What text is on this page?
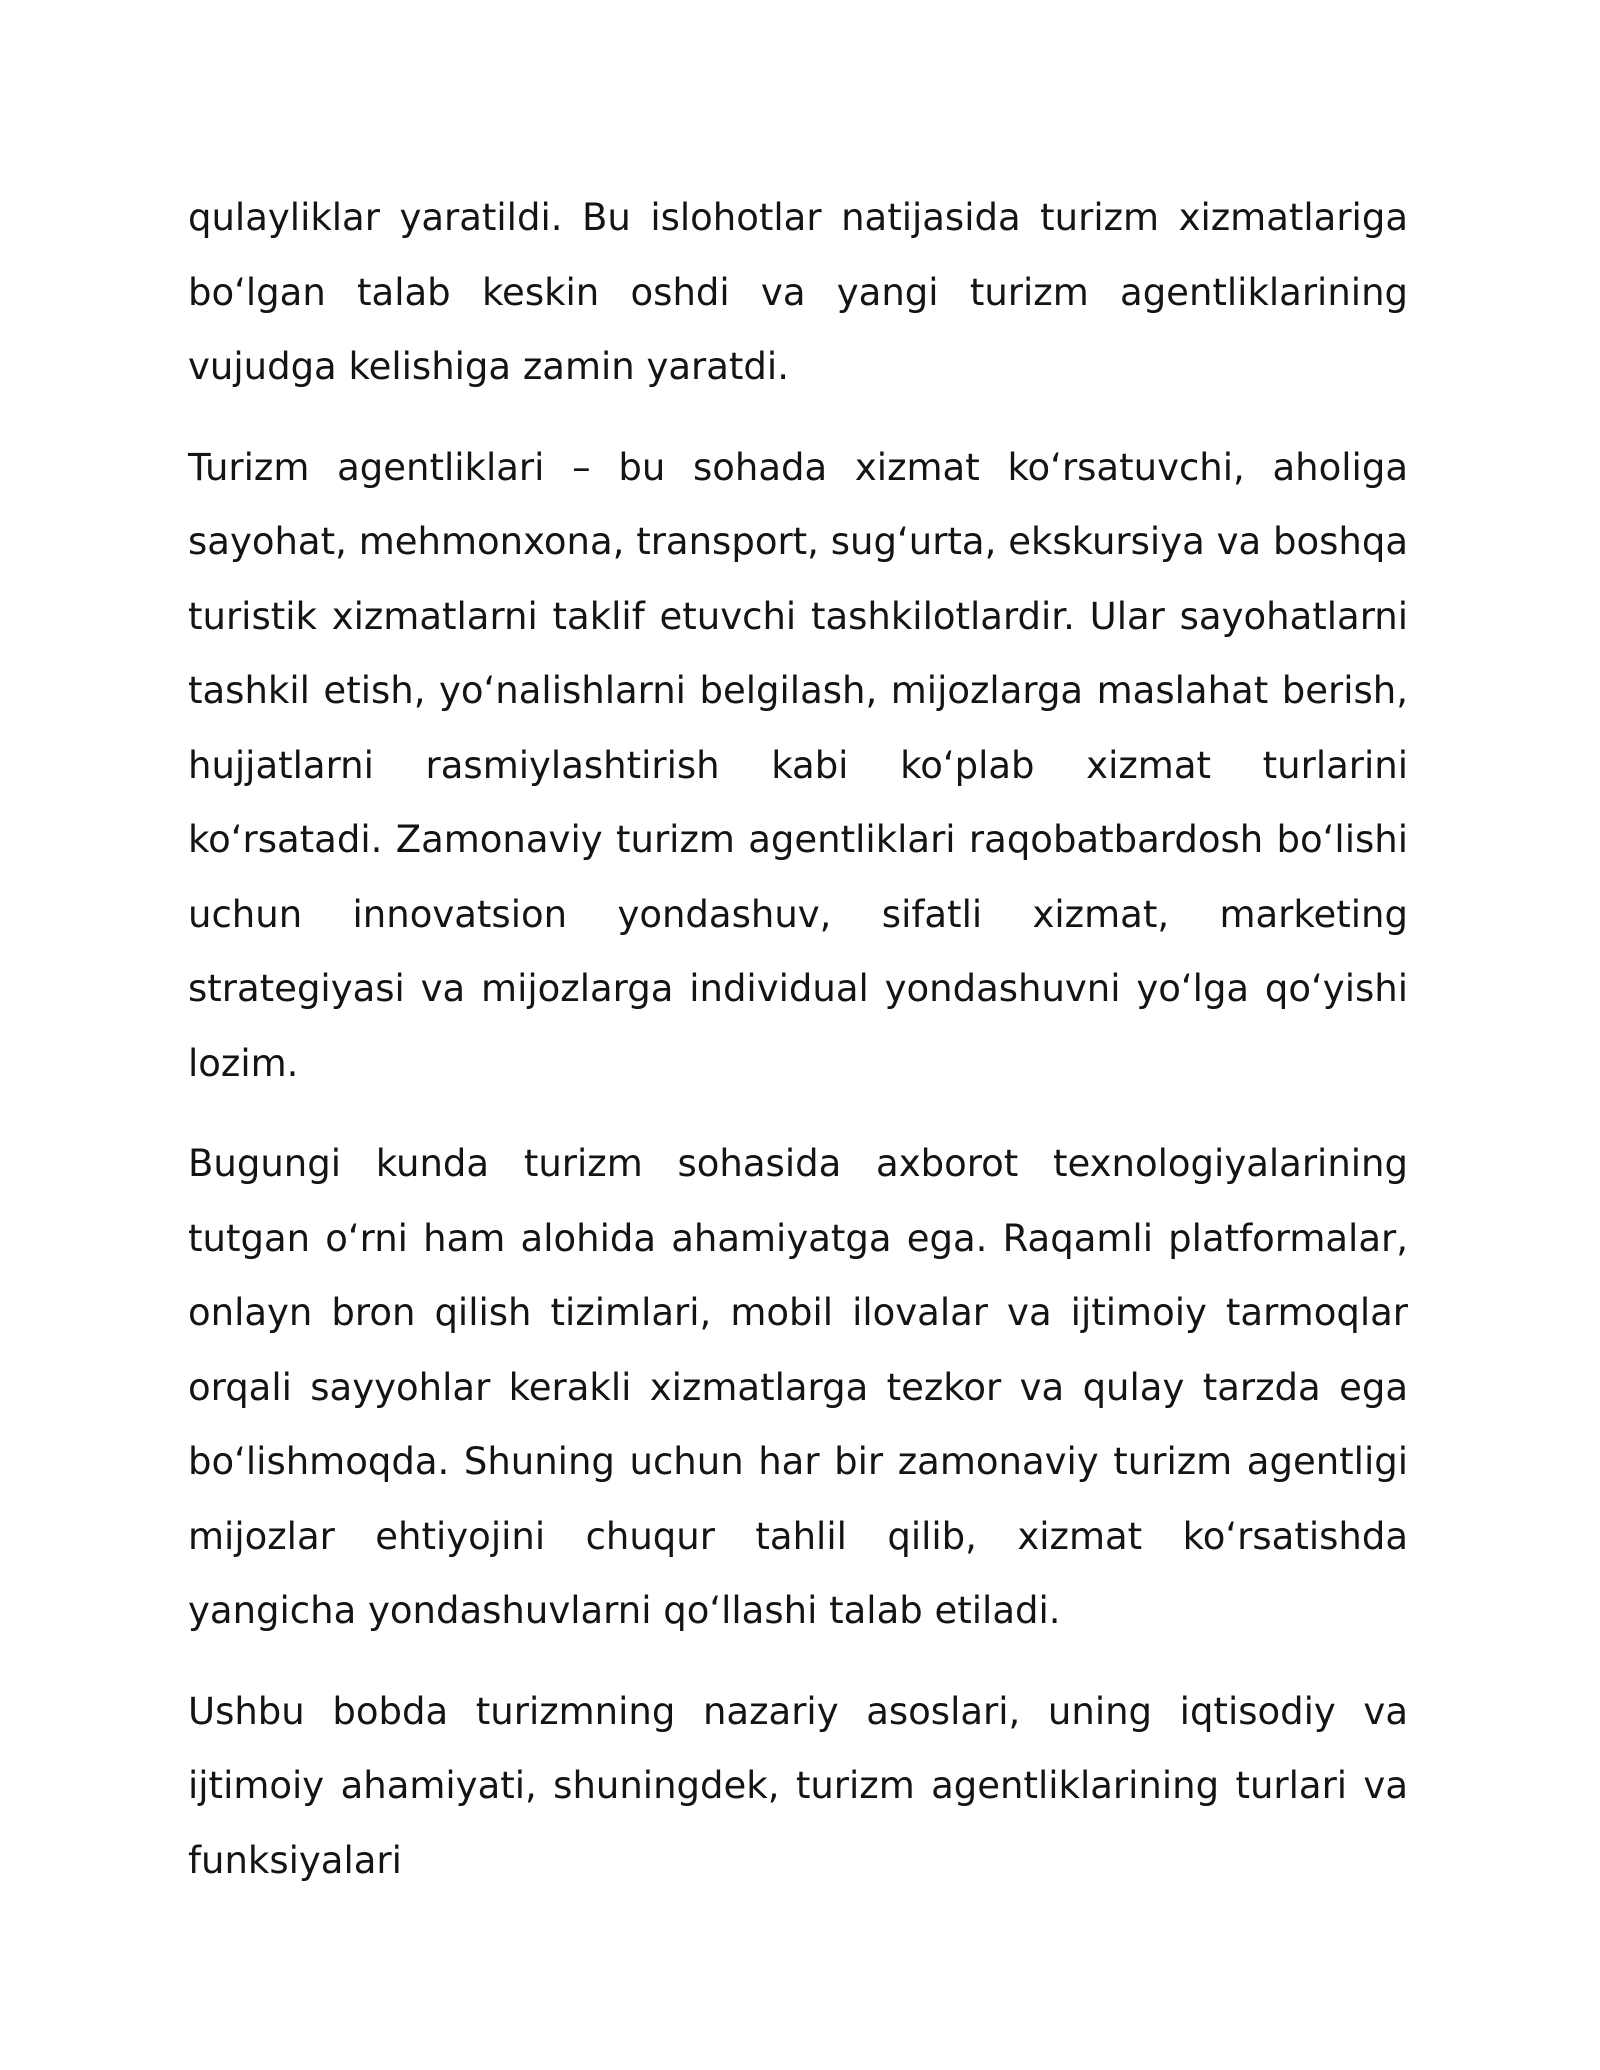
qulayliklar yaratildi. Bu islohotlar natijasida turizm xizmatlariga bo‘lgan talab keskin oshdi va yangi turizm agentliklarining vujudga kelishiga zamin yaratdi.

Turizm agentliklari – bu sohada xizmat ko‘rsatuvchi, aholiga sayohat, mehmonxona, transport, sug‘urta, ekskursiya va boshqa turistik xizmatlarni taklif etuvchi tashkilotlardir. Ular sayohatlarni tashkil etish, yo‘nalishlarni belgilash, mijozlarga maslahat berish, hujjatlarni rasmiylashtirish kabi ko‘plab xizmat turlarini ko‘rsatadi. Zamonaviy turizm agentliklari raqobatbardosh bo‘lishi uchun innovatsion yondashuv, sifatli xizmat, marketing strategiyasi va mijozlarga individual yondashuvni yo‘lga qo‘yishi lozim.

Bugungi kunda turizm sohasida axborot texnologiyalarining tutgan o‘rni ham alohida ahamiyatga ega. Raqamli platformalar, onlayn bron qilish tizimlari, mobil ilovalar va ijtimoiy tarmoqlar orqali sayyohlar kerakli xizmatlarga tezkor va qulay tarzda ega bo‘lishmoqda. Shuning uchun har bir zamonaviy turizm agentligi mijozlar ehtiyojini chuqur tahlil qilib, xizmat ko‘rsatishda yangicha yondashuvlarni qo‘llashi talab etiladi.

Ushbu bobda turizmning nazariy asoslari, uning iqtisodiy va ijtimoiy ahamiyati, shuningdek, turizm agentliklarining turlari va funksiyalari
